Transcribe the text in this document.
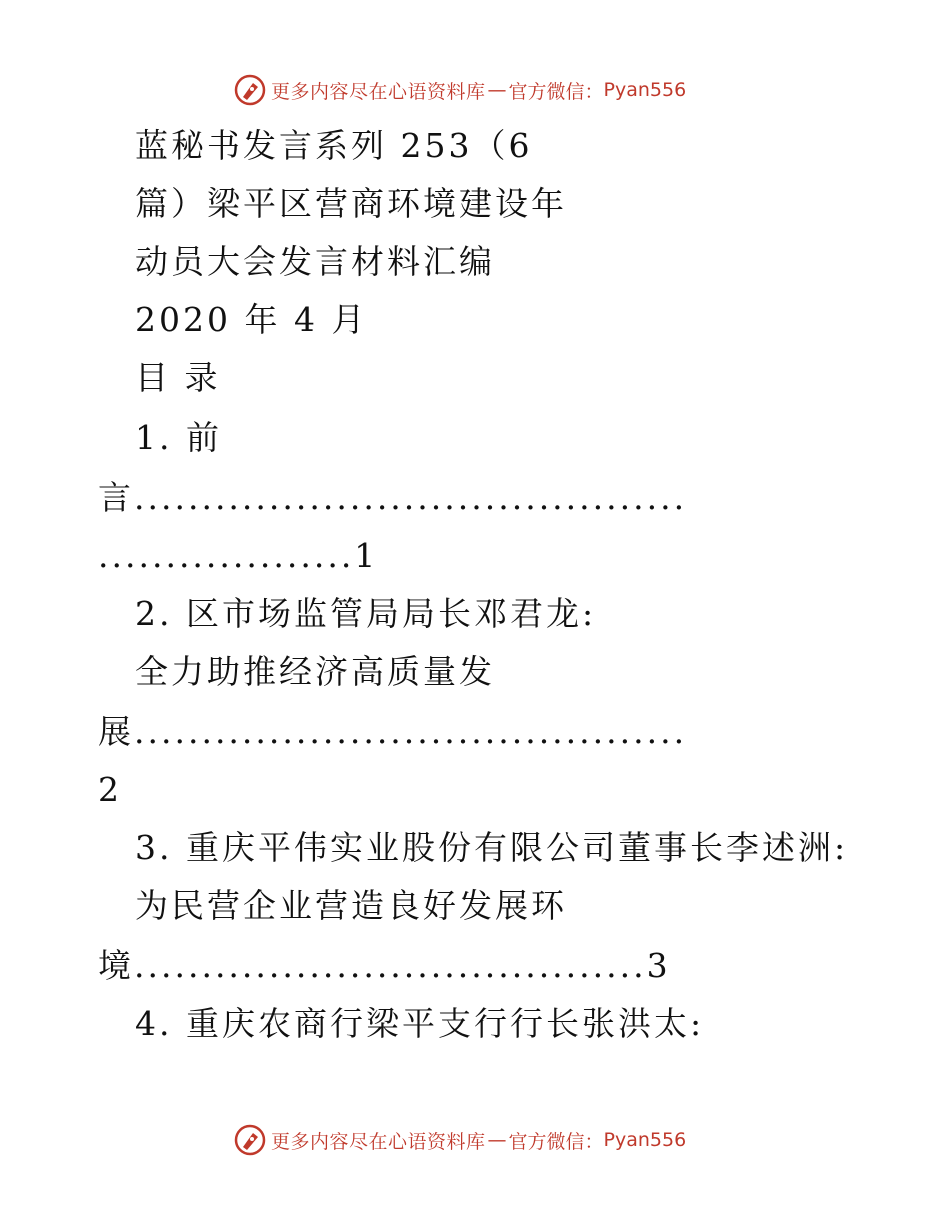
更多内容尽在心语资料库 — 官方微信： Pyan556
蓝秘书发言系列 253（6
篇）梁平区营商环境建设年
动员大会发言材料汇编
2020 年 4 月
目 录
1. 前
言.........................................
...................1
2. 区市场监管局局长邓君龙:
全力助推经济高质量发
展.........................................
2
3. 重庆平伟实业股份有限公司董事长李述洲:
为民营企业营造良好发展环
境......................................3
4. 重庆农商行梁平支行行长张洪太:
更多内容尽在心语资料库 — 官方微信： Pyan556
